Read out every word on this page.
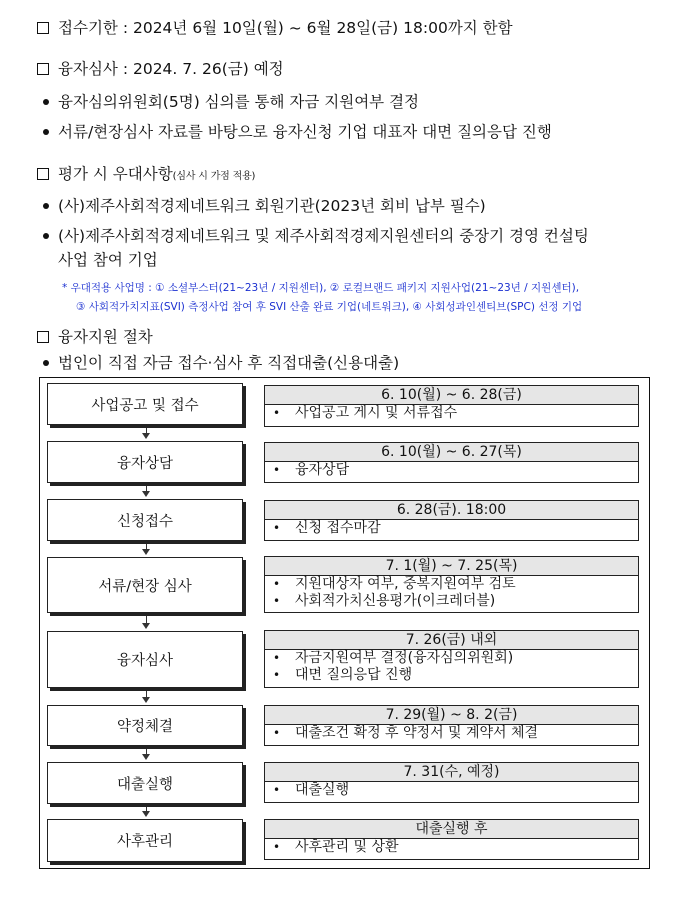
접수기한 : 2024년 6월 10일(월) ~ 6월 28일(금) 18:00까지 한함
융자심사 : 2024. 7. 26(금) 예정
융자심의위원회(5명) 심의를 통해 자금 지원여부 결정
서류/현장심사 자료를 바탕으로 융자신청 기업 대표자 대면 질의응답 진행
평가 시 우대사항(심사 시 가점 적용)
(사)제주사회적경제네트워크 회원기관(2023년 회비 납부 필수)
(사)제주사회적경제네트워크 및 제주사회적경제지원센터의 중장기 경영 컨설팅
사업 참여 기업
* 우대적용 사업명 : ① 소셜부스터(21~23년 / 지원센터), ② 로컬브랜드 패키지 지원사업(21~23년 / 지원센터),
③ 사회적가치지표(SVI) 측정사업 참여 후 SVI 산출 완료 기업(네트워크), ④ 사회성과인센티브(SPC) 선정 기업
융자지원 절차
법인이 직접 자금 접수·심사 후 직접대출(신용대출)
사업공고 및 접수
6. 10(월) ~ 6. 28(금)
• 사업공고 게시 및 서류접수
융자상담
6. 10(월) ~ 6. 27(목)
• 융자상담
신청접수
6. 28(금). 18:00
• 신청 접수마감
서류/현장 심사
7. 1(월) ~ 7. 25(목)
• 지원대상자 여부, 중복지원여부 검토
• 사회적가치신용평가(이크레더블)
융자심사
7. 26(금) 내외
• 자금지원여부 결정(융자심의위원회)
• 대면 질의응답 진행
약정체결
7. 29(월) ~ 8. 2(금)
• 대출조건 확정 후 약정서 및 계약서 체결
대출실행
7. 31(수, 예정)
• 대출실행
사후관리
대출실행 후
• 사후관리 및 상환
